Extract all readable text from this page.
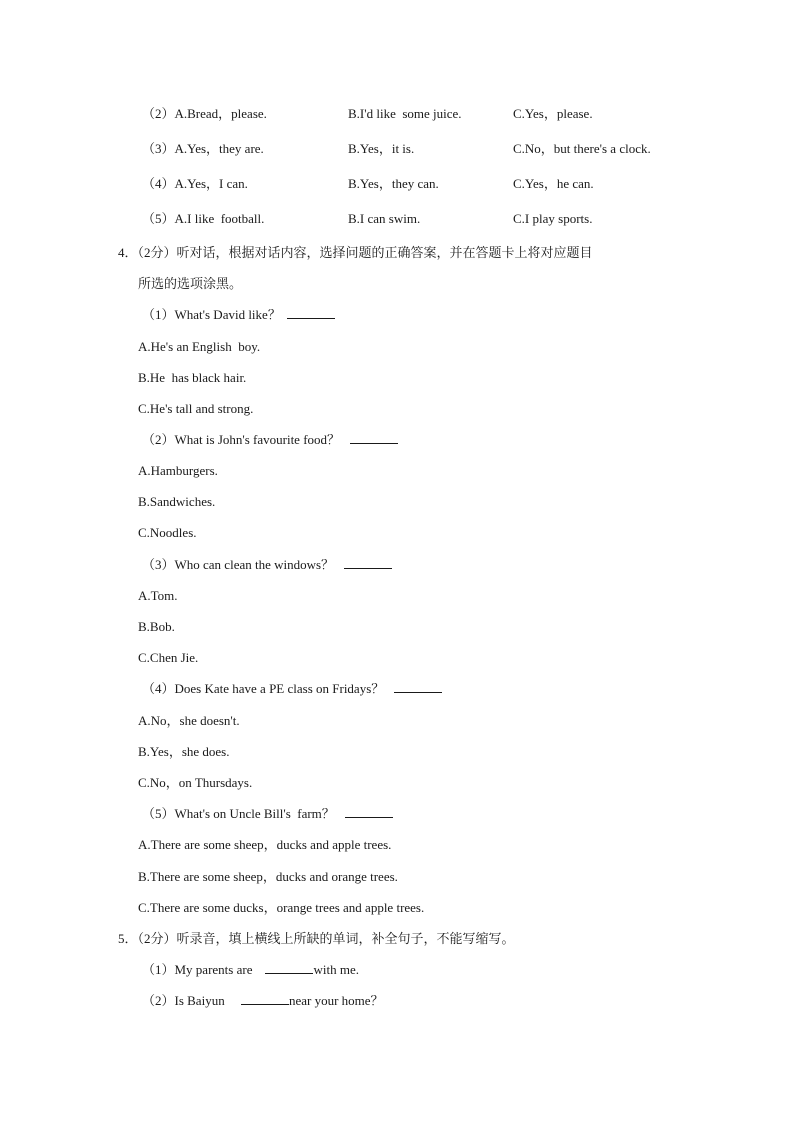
（2）A.Bread，please.	B.I'd like  some juice.	C.Yes，please.
（3）A.Yes，they are.	B.Yes，it is.	C.No，but there's a clock.
（4）A.Yes，I can.	B.Yes，they can.	C.Yes，he can.
（5）A.I like  football.	B.I can swim.	C.I play sports.
4．（2分）听对话，根据对话内容，选择问题的正确答案，并在答题卡上将对应题目
所选的选项涂黑。
（1）What's David like？
A.He's an English  boy.
B.He  has black hair.
C.He's tall and strong.
（2）What is John's favourite food？
A.Hamburgers.
B.Sandwiches.
C.Noodles.
（3）Who can clean the windows？
A.Tom.
B.Bob.
C.Chen Jie.
（4）Does Kate have a PE class on Fridays？
A.No，she doesn't.
B.Yes，she does.
C.No，on Thursdays.
（5）What's on Uncle Bill's  farm？
A.There are some sheep，ducks and apple trees.
B.There are some sheep，ducks and orange trees.
C.There are some ducks，orange trees and apple trees.
5．（2分）听录音，填上横线上所缺的单词，补全句子，不能写缩写。
（1）My parents are	with me.
（2）Is Baiyun	near your home？
